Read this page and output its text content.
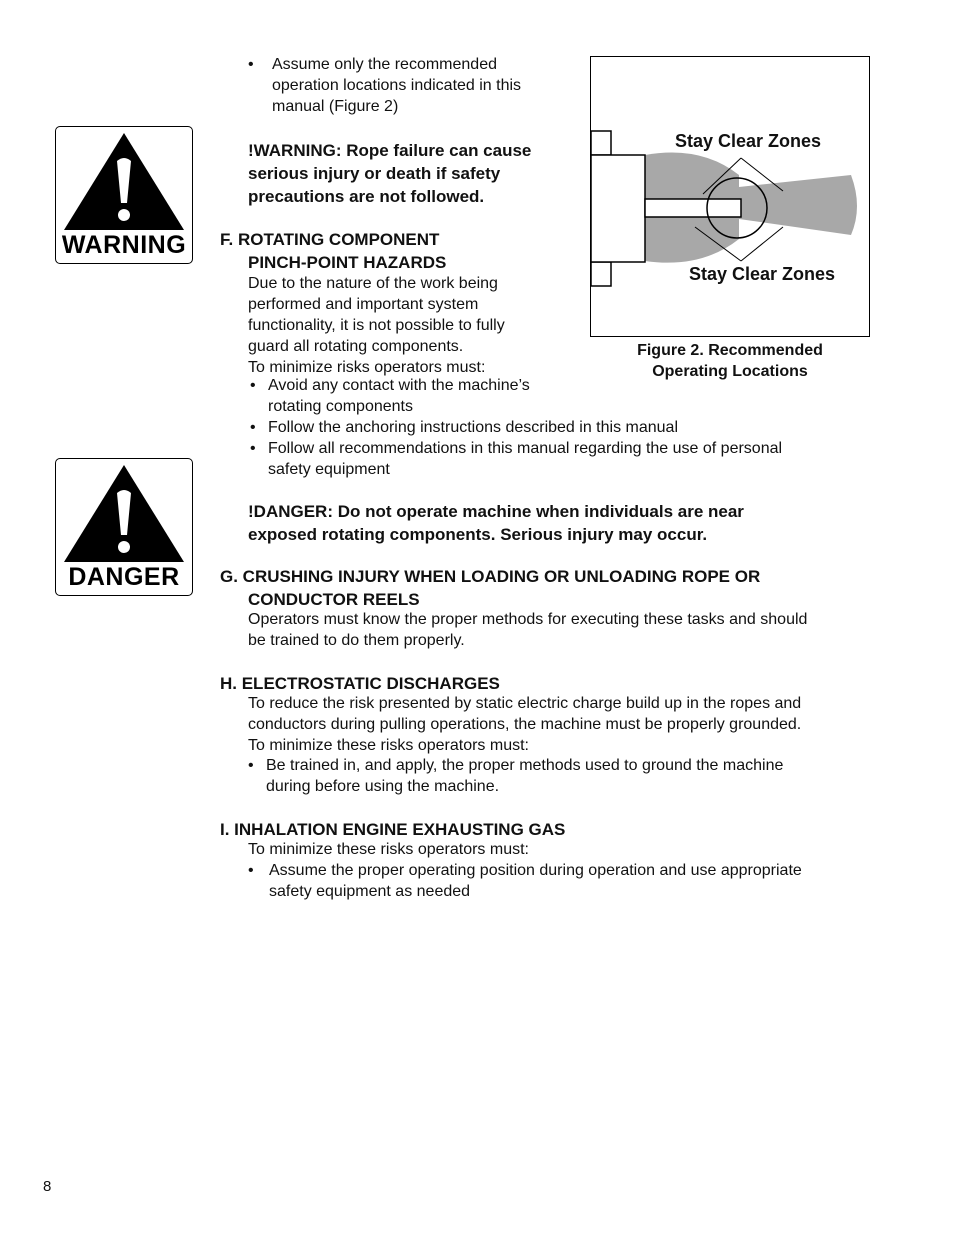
• Assume only the recommended
operation locations indicated in this
manual (Figure 2)
WARNING
!WARNING: Rope failure can cause
serious injury or death if safety
precautions are not followed.
Stay Clear Zones
Stay Clear Zones
Figure 2. Recommended
Operating Locations
F. ROTATING COMPONENT
PINCH-POINT HAZARDS
Due to the nature of the work being
performed and important system
functionality, it is not possible to fully
guard all rotating components.
To minimize risks operators must:
• Avoid any contact with the machine’s
rotating components
• Follow the anchoring instructions described in this manual
• Follow all recommendations in this manual regarding the use of personal
safety equipment
DANGER
!DANGER: Do not operate machine when individuals are near
exposed rotating components. Serious injury may occur.
G. CRUSHING INJURY WHEN LOADING OR UNLOADING ROPE OR
CONDUCTOR REELS
Operators must know the proper methods for executing these tasks and should
be trained to do them properly.
H. ELECTROSTATIC DISCHARGES
To reduce the risk presented by static electric charge build up in the ropes and
conductors during pulling operations, the machine must be properly grounded.
To minimize these risks operators must:
• Be trained in, and apply, the proper methods used to ground the machine
during before using the machine.
I. INHALATION ENGINE EXHAUSTING GAS
To minimize these risks operators must:
• Assume the proper operating position during operation and use appropriate
safety equipment as needed
8
